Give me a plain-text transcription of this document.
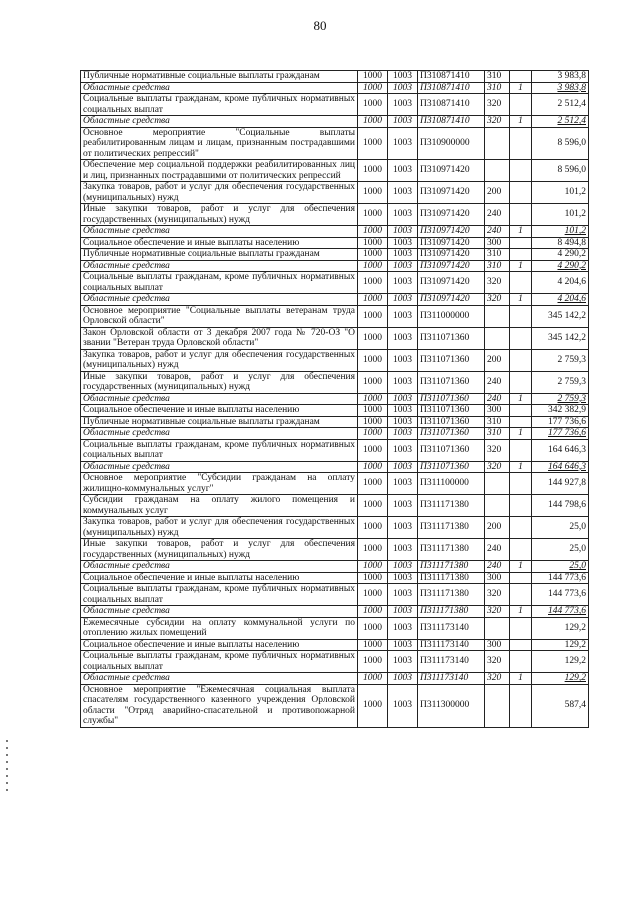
80
Публичные нормативные социальные выплаты гражданам	1000	1003	П310871410	310		3 983,8
Областные средства	1000	1003	П310871410	310	1	3 983,8
Социальные выплаты гражданам, кроме публичных нормативных социальных выплат	1000	1003	П310871410	320		2 512,4
Областные средства	1000	1003	П310871410	320	1	2 512,4
Основное мероприятие "Социальные выплаты реабилитированным лицам и лицам, признанным пострадавшими от политических репрессий"	1000	1003	П310900000			8 596,0
Обеспечение мер социальной поддержки реабилитированных лиц и лиц, признанных пострадавшими от политических репрессий	1000	1003	П310971420			8 596,0
Закупка товаров, работ и услуг для обеспечения государственных (муниципальных) нужд	1000	1003	П310971420	200		101,2
Иные закупки товаров, работ и услуг для обеспечения государственных (муниципальных) нужд	1000	1003	П310971420	240		101,2
Областные средства	1000	1003	П310971420	240	1	101,2
Социальное обеспечение и иные выплаты населению	1000	1003	П310971420	300		8 494,8
Публичные нормативные социальные выплаты гражданам	1000	1003	П310971420	310		4 290,2
Областные средства	1000	1003	П310971420	310	1	4 290,2
Социальные выплаты гражданам, кроме публичных нормативных социальных выплат	1000	1003	П310971420	320		4 204,6
Областные средства	1000	1003	П310971420	320	1	4 204,6
Основное мероприятие "Социальные выплаты ветеранам труда Орловской области"	1000	1003	П311000000			345 142,2
Закон Орловской области от 3 декабря 2007 года № 720-ОЗ "О звании "Ветеран труда Орловской области"	1000	1003	П311071360			345 142,2
Закупка товаров, работ и услуг для обеспечения государственных (муниципальных) нужд	1000	1003	П311071360	200		2 759,3
Иные закупки товаров, работ и услуг для обеспечения государственных (муниципальных) нужд	1000	1003	П311071360	240		2 759,3
Областные средства	1000	1003	П311071360	240	1	2 759,3
Социальное обеспечение и иные выплаты населению	1000	1003	П311071360	300		342 382,9
Публичные нормативные социальные выплаты гражданам	1000	1003	П311071360	310		177 736,6
Областные средства	1000	1003	П311071360	310	1	177 736,6
Социальные выплаты гражданам, кроме публичных нормативных социальных выплат	1000	1003	П311071360	320		164 646,3
Областные средства	1000	1003	П311071360	320	1	164 646,3
Основное мероприятие "Субсидии гражданам на оплату жилищно-коммунальных услуг"	1000	1003	П311100000			144 927,8
Субсидии гражданам на оплату жилого помещения и коммунальных услуг	1000	1003	П311171380			144 798,6
Закупка товаров, работ и услуг для обеспечения государственных (муниципальных) нужд	1000	1003	П311171380	200		25,0
Иные закупки товаров, работ и услуг для обеспечения государственных (муниципальных) нужд	1000	1003	П311171380	240		25,0
Областные средства	1000	1003	П311171380	240	1	25,0
Социальное обеспечение и иные выплаты населению	1000	1003	П311171380	300		144 773,6
Социальные выплаты гражданам, кроме публичных нормативных социальных выплат	1000	1003	П311171380	320		144 773,6
Областные средства	1000	1003	П311171380	320	1	144 773,6
Ежемесячные субсидии на оплату коммунальной услуги по отоплению жилых помещений	1000	1003	П311173140			129,2
Социальное обеспечение и иные выплаты населению	1000	1003	П311173140	300		129,2
Социальные выплаты гражданам, кроме публичных нормативных социальных выплат	1000	1003	П311173140	320		129,2
Областные средства	1000	1003	П311173140	320	1	129,2
Основное мероприятие "Ежемесячная социальная выплата спасателям государственного казенного учреждения Орловской области "Отряд аварийно-спасательной и противопожарной службы"	1000	1003	П311300000			587,4
